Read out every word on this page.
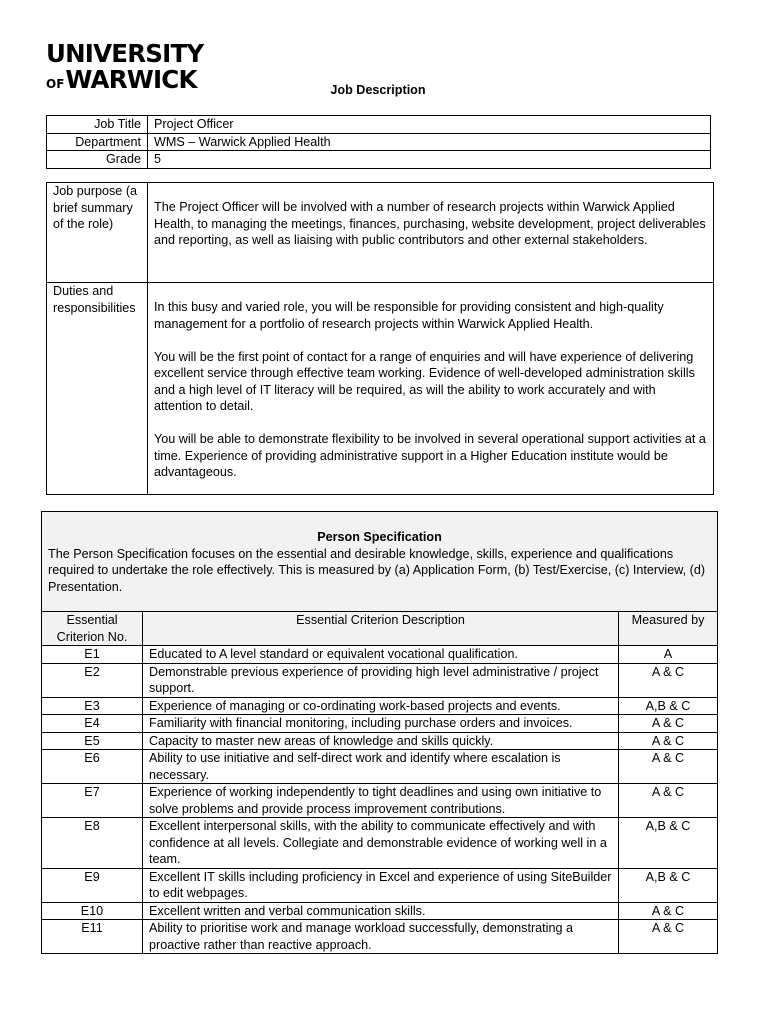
UNIVERSITY
OF WARWICK	Job Description
Job Title	Project Officer
Department	WMS – Warwick Applied Health
Grade	5
Job purpose (a brief summary of the role)	The Project Officer will be involved with a number of research projects within Warwick Applied Health, to managing the meetings, finances, purchasing, website development, project deliverables and reporting, as well as liaising with public contributors and other external stakeholders.
Duties and responsibilities	In this busy and varied role, you will be responsible for providing consistent and high-quality management for a portfolio of research projects within Warwick Applied Health.

You will be the first point of contact for a range of enquiries and will have experience of delivering excellent service through effective team working. Evidence of well-developed administration skills and a high level of IT literacy will be required, as will the ability to work accurately and with attention to detail.

You will be able to demonstrate flexibility to be involved in several operational support activities at a time. Experience of providing administrative support in a Higher Education institute would be advantageous.

Person Specification
The Person Specification focuses on the essential and desirable knowledge, skills, experience and qualifications required to undertake the role effectively. This is measured by (a) Application Form, (b) Test/Exercise, (c) Interview, (d) Presentation.		

Essential Criterion No.	Essential Criterion Description	Measured by
E1	Educated to A level standard or equivalent vocational qualification.	A
E2	Demonstrable previous experience of providing high level administrative / project support.	A & C
E3	Experience of managing or co-ordinating work-based projects and events.	A,B & C
E4	Familiarity with financial monitoring, including purchase orders and invoices.	A & C
E5	Capacity to master new areas of knowledge and skills quickly.	A & C
E6	Ability to use initiative and self-direct work and identify where escalation is necessary.	A & C
E7	Experience of working independently to tight deadlines and using own initiative to solve problems and provide process improvement contributions.	A & C
E8	Excellent interpersonal skills, with the ability to communicate effectively and with confidence at all levels. Collegiate and demonstrable evidence of working well in a team.	A,B & C
E9	Excellent IT skills including proficiency in Excel and experience of using SiteBuilder to edit webpages.	A,B & C
E10	Excellent written and verbal communication skills.	A & C
E11	Ability to prioritise work and manage workload successfully, demonstrating a proactive rather than reactive approach.	A & C
